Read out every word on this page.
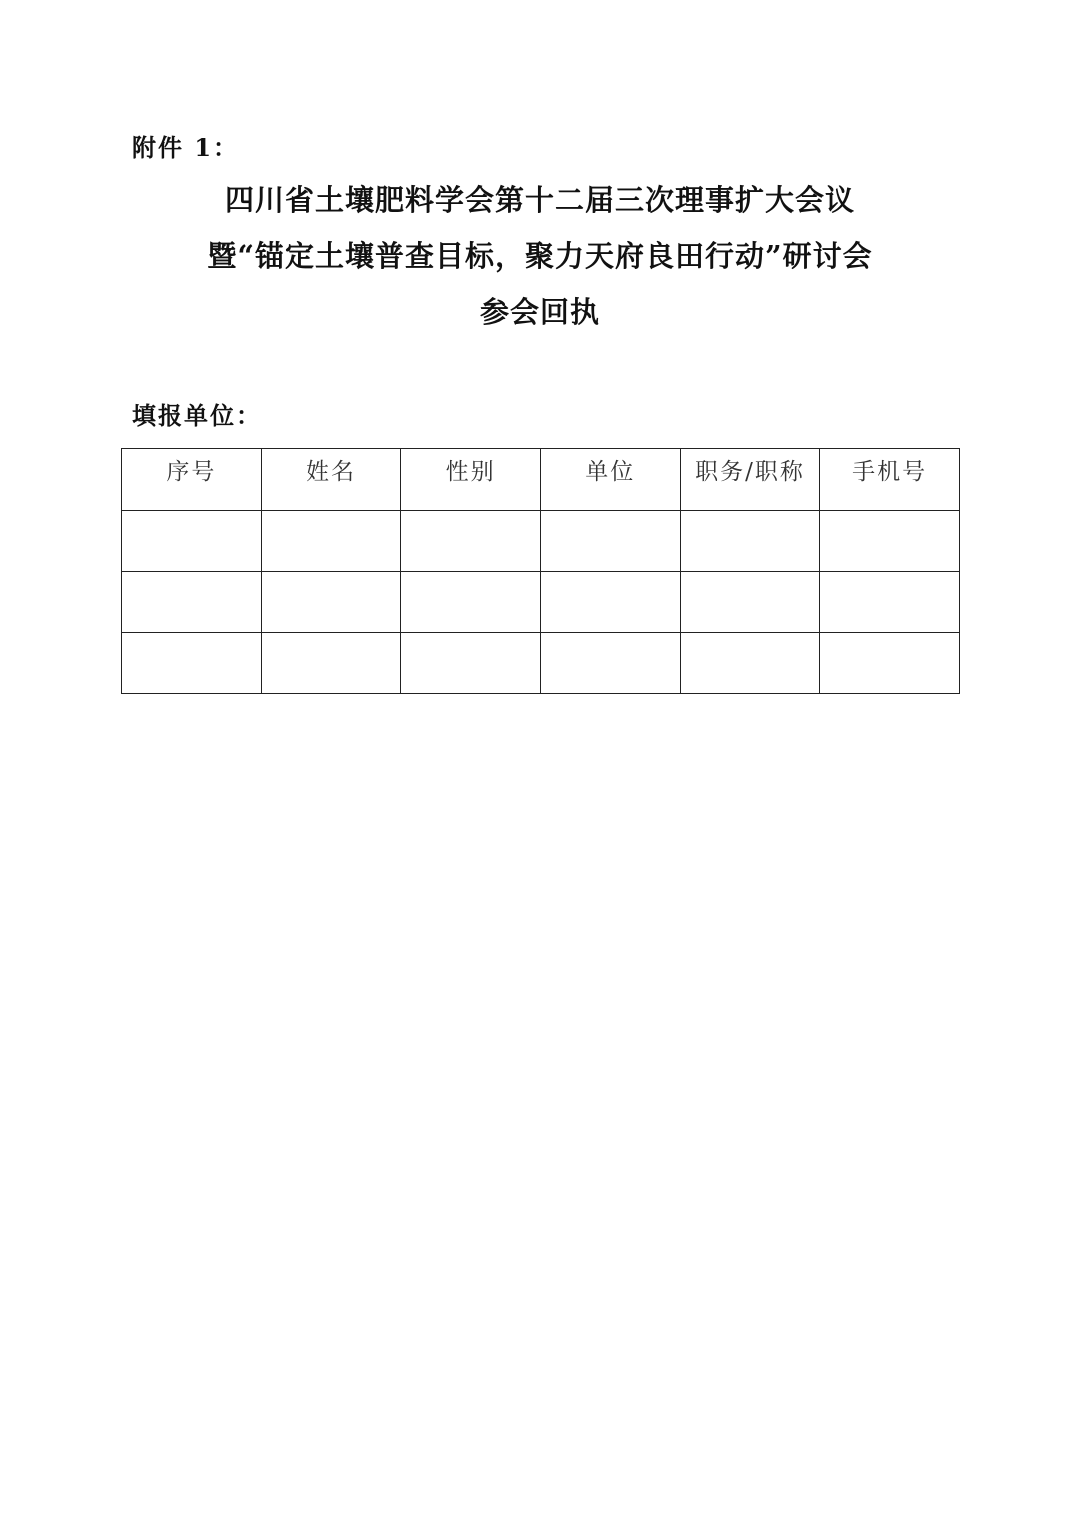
附件 1：
四川省土壤肥料学会第十二届三次理事扩大会议
暨“锚定土壤普查目标，聚力天府良田行动”研讨会
参会回执
填报单位：
序号	姓名	性别	单位	职务/职称	手机号
